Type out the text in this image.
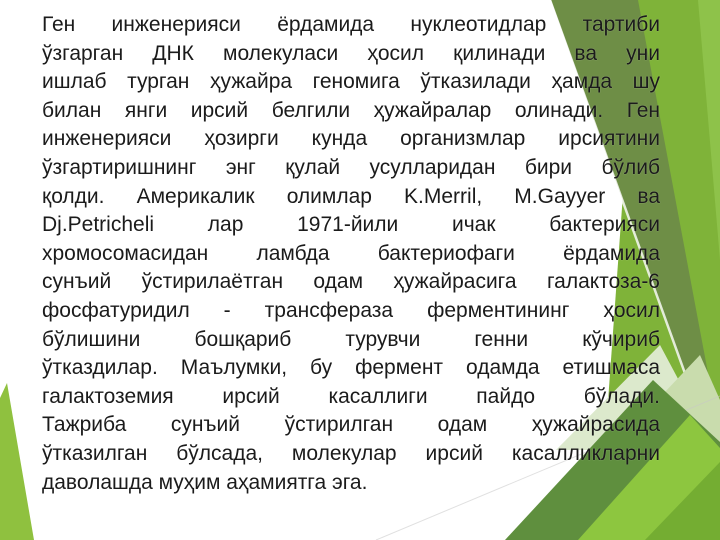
Ген инженерияси ёрдамида нуклеотидлар тартиби
ўзгарган ДНК молекуласи ҳосил қилинади ва уни
ишлаб турган ҳужайра геномига ўтказилади ҳамда шу
билан янги ирсий белгили ҳужайралар олинади. Ген
инженерияси ҳозирги кунда организмлар ирсиятини
ўзгартиришнинг энг қулай усулларидан бири бўлиб
қолди. Америкалик олимлар K.Merril, M.Gayyer ва
Dj.Petricheli лар 1971-йили ичак бактерияси
хромосомасидан ламбда бактериофаги ёрдамида
сунъий ўстирилаётган одам ҳужайрасига галактоза-6
фосфатуридил - трансфераза ферментининг ҳосил
бўлишини бошқариб турувчи генни кўчириб
ўтказдилар. Маълумки, бу фермент одамда етишмаса
галактоземия ирсий касаллиги пайдо бўлади.
Тажриба сунъий ўстирилган одам ҳужайрасида
ўтказилган бўлсада, молекулар ирсий касалликларни
даволашда муҳим аҳамиятга эга.
